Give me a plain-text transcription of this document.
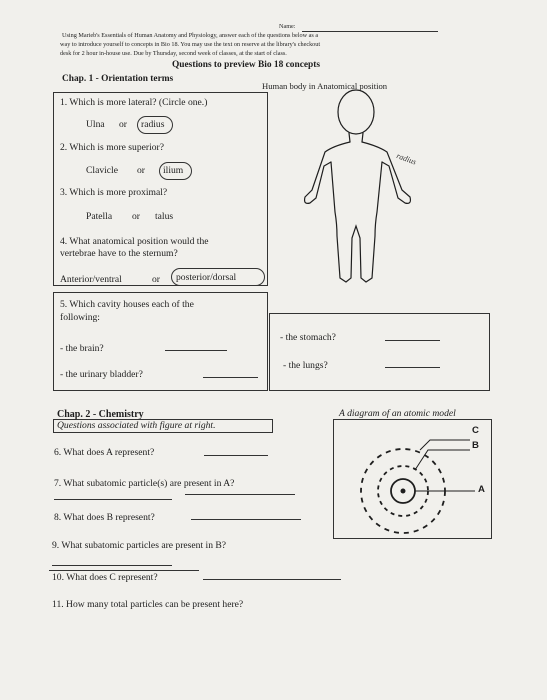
Name:
Using Marieb's Essentials of Human Anatomy and Physiology, answer each of the questions below as a
way to introduce yourself to concepts in Bio 18. You may use the text on reserve at the library's checkout
desk for 2 hour in-house use. Due by Thursday, second week of classes, at the start of class.
Questions to preview Bio 18 concepts
Chap. 1 - Orientation terms
Human body in Anatomical position
1. Which is more lateral? (Circle one.)
Ulna or radius
2. Which is more superior?
Clavicle or ilium
3. Which is more proximal?
Patella or talus
4. What anatomical position would the
vertebrae have to the sternum?
Anterior/ventral	or posterior/dorsal
5. Which cavity houses each of the
following:
- the brain?
- the urinary bladder?
- the stomach?
- the lungs?
radius
Chap. 2 - Chemistry
Questions associated with figure at right.
A diagram of an atomic model
6. What does A represent?
7. What subatomic particle(s) are present in A?
8. What does B represent?
9. What subatomic particles are present in B?
10. What does C represent?
11. How many total particles can be present here?
C
B
A
